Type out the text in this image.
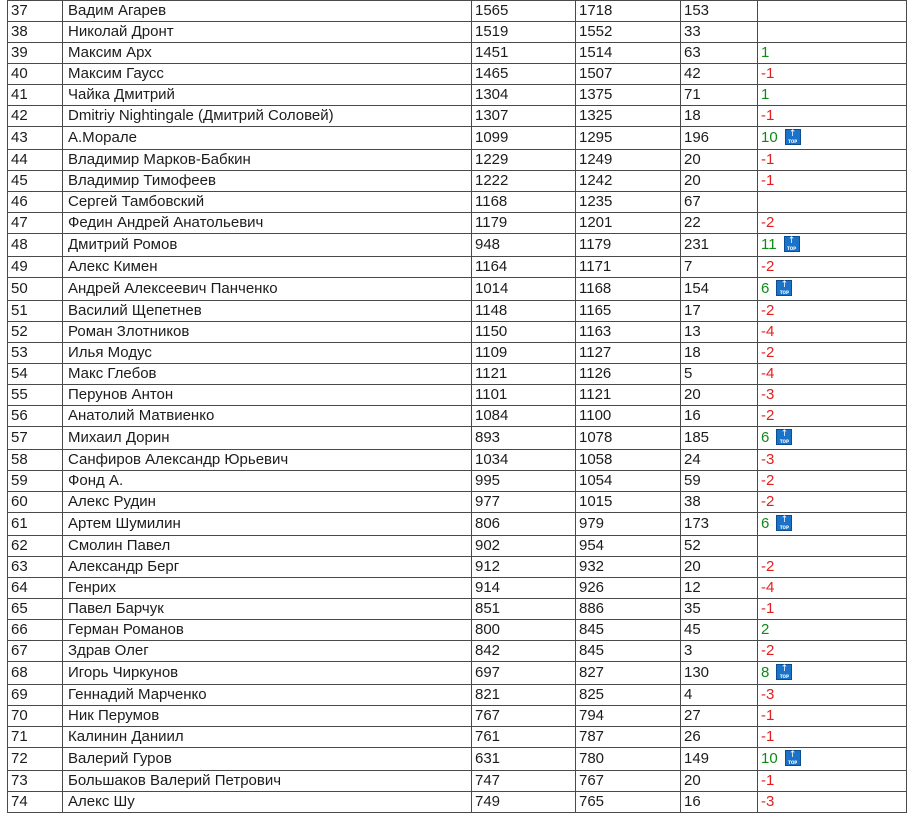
37	Вадим Агарев	1565	1718	153	
38	Николай Дронт	1519	1552	33	
39	Максим Арх	1451	1514	63	1
40	Максим Гаусс	1465	1507	42	-1
41	Чайка Дмитрий	1304	1375	71	1
42	Dmitriy Nightingale (Дмитрий Соловей)	1307	1325	18	-1
43	А.Морале	1099	1295	196	10 ↑
TOP

44	Владимир Марков-Бабкин	1229	1249	20	-1
45	Владимир Тимофеев	1222	1242	20	-1
46	Сергей Тамбовский	1168	1235	67	
47	Федин Андрей Анатольевич	1179	1201	22	-2
48	Дмитрий Ромов	948	1179	231	11 ↑
TOP

49	Алекс Кимен	1164	1171	7	-2
50	Андрей Алексеевич Панченко	1014	1168	154	6 ↑
TOP

51	Василий Щепетнев	1148	1165	17	-2
52	Роман Злотников	1150	1163	13	-4
53	Илья Модус	1109	1127	18	-2
54	Макс Глебов	1121	1126	5	-4
55	Перунов Антон	1101	1121	20	-3
56	Анатолий Матвиенко	1084	1100	16	-2
57	Михаил Дорин	893	1078	185	6 ↑
TOP

58	Санфиров Александр Юрьевич	1034	1058	24	-3
59	Фонд А.	995	1054	59	-2
60	Алекс Рудин	977	1015	38	-2
61	Артем Шумилин	806	979	173	6 ↑
TOP

62	Смолин Павел	902	954	52	
63	Александр Берг	912	932	20	-2
64	Генрих	914	926	12	-4
65	Павел Барчук	851	886	35	-1
66	Герман Романов	800	845	45	2
67	Здрав Олег	842	845	3	-2
68	Игорь Чиркунов	697	827	130	8 ↑
TOP

69	Геннадий Марченко	821	825	4	-3
70	Ник Перумов	767	794	27	-1
71	Калинин Даниил	761	787	26	-1
72	Валерий Гуров	631	780	149	10 ↑
TOP

73	Большаков Валерий Петрович	747	767	20	-1
74	Алекс Шу	749	765	16	-3
